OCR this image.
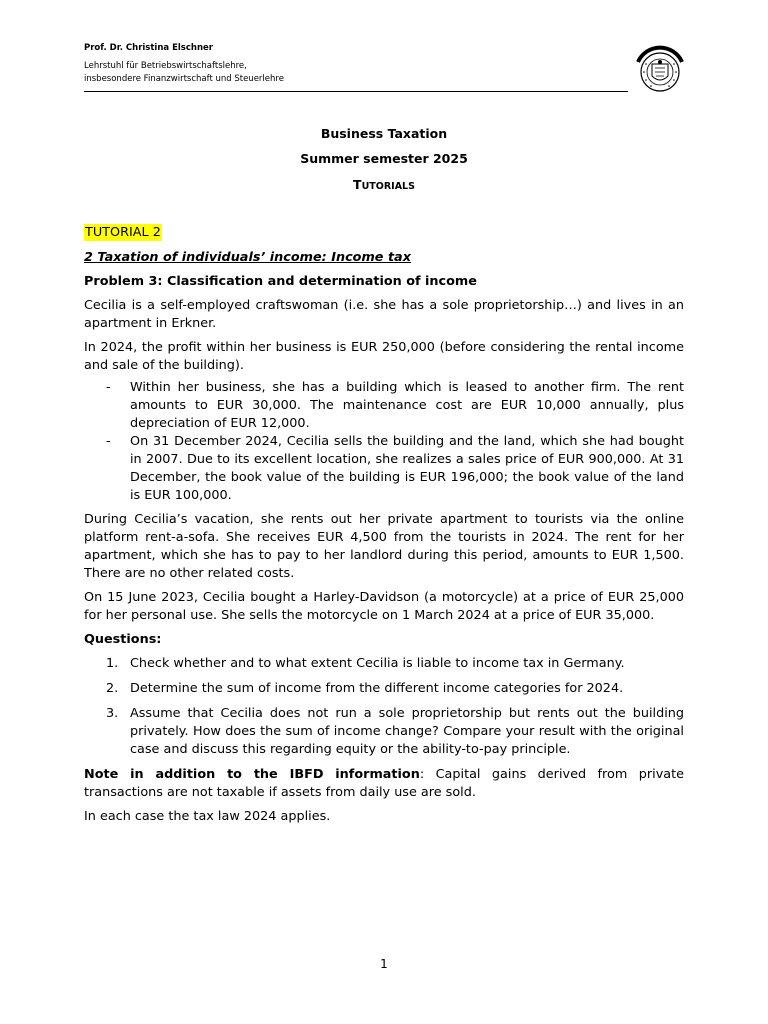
Prof. Dr. Christina Elschner
Lehrstuhl für Betriebswirtschaftslehre,
insbesondere Finanzwirtschaft und Steuerlehre
Business Taxation
Summer semester 2025
TUTORIALS
TUTORIAL 2
2 Taxation of individuals’ income: Income tax
Problem 3: Classification and determination of income

Cecilia is a self-employed craftswoman (i.e. she has a sole proprietorship…) and lives in an apartment in Erkner.

In 2024, the profit within her business is EUR 250,000 (before considering the rental income and sale of the building).

- Within her business, she has a building which is leased to another firm. The rent amounts to EUR 30,000. The maintenance cost are EUR 10,000 annually, plus depreciation of EUR 12,000.
- On 31 December 2024, Cecilia sells the building and the land, which she had bought in 2007. Due to its excellent location, she realizes a sales price of EUR 900,000. At 31 December, the book value of the building is EUR 196,000; the book value of the land is EUR 100,000.

During Cecilia’s vacation, she rents out her private apartment to tourists via the online platform rent-a-sofa. She receives EUR 4,500 from the tourists in 2024. The rent for her apartment, which she has to pay to her landlord during this period, amounts to EUR 1,500. There are no other related costs.

On 15 June 2023, Cecilia bought a Harley-Davidson (a motorcycle) at a price of EUR 25,000 for her personal use. She sells the motorcycle on 1 March 2024 at a price of EUR 35,000.

Questions:
1. Check whether and to what extent Cecilia is liable to income tax in Germany.
2. Determine the sum of income from the different income categories for 2024.
3. Assume that Cecilia does not run a sole proprietorship but rents out the building privately. How does the sum of income change? Compare your result with the original case and discuss this regarding equity or the ability-to-pay principle.

Note in addition to the IBFD information: Capital gains derived from private transactions are not taxable if assets from daily use are sold.

In each case the tax law 2024 applies.

1
